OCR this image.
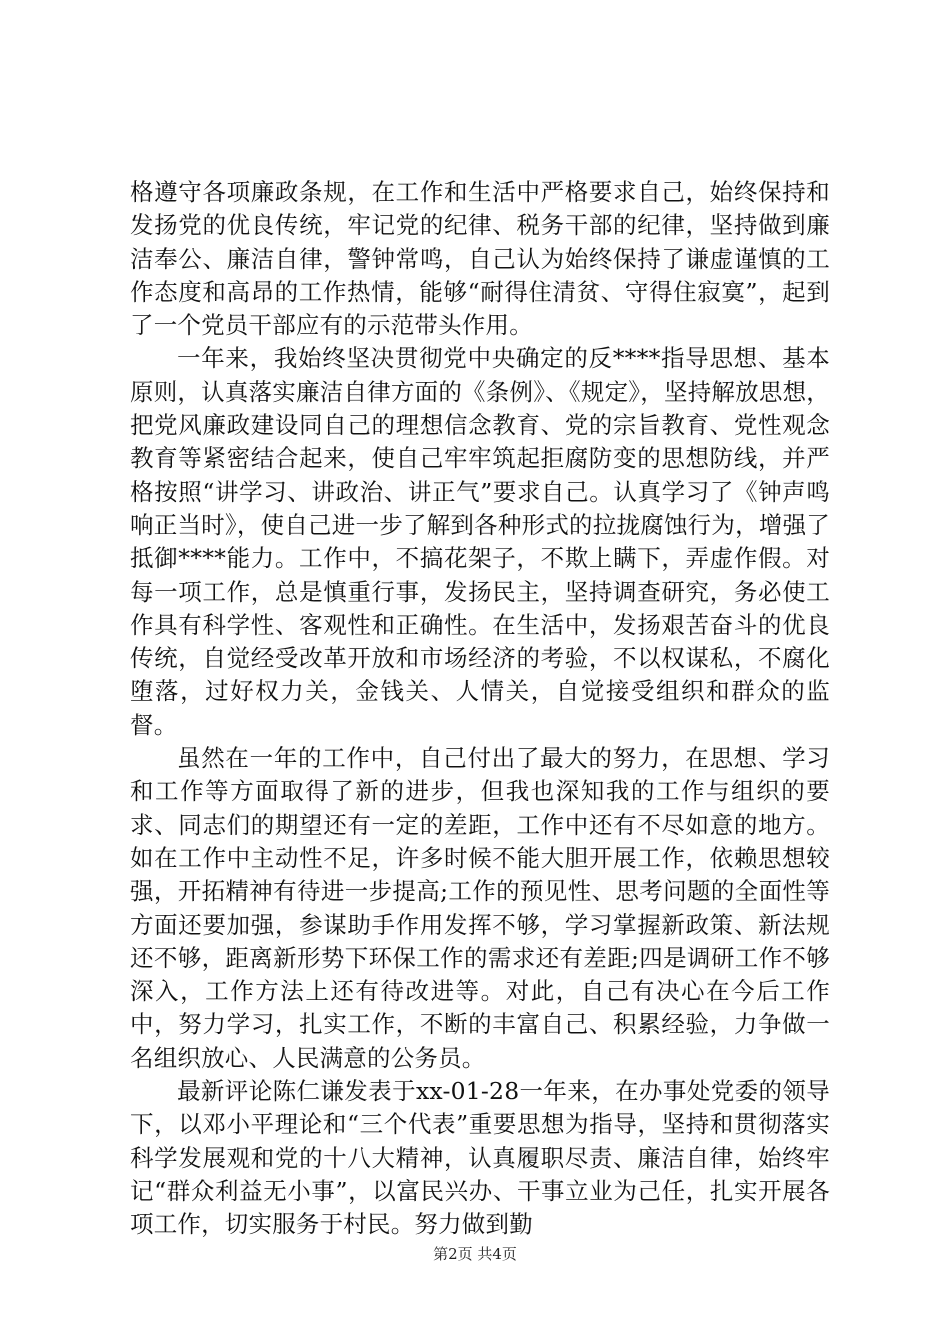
格遵守各项廉政条规，在工作和生活中严格要求自己，始终保持和发扬党的优良传统，牢记党的纪律、税务干部的纪律，坚持做到廉洁奉公、廉洁自律，警钟常鸣，自己认为始终保持了谦虚谨慎的工作态度和高昂的工作热情，能够“耐得住清贫、守得住寂寞”，起到了一个党员干部应有的示范带头作用。

一年来，我始终坚决贯彻党中央确定的反****指导思想、基本原则，认真落实廉洁自律方面的《条例》、《规定》，坚持解放思想，把党风廉政建设同自己的理想信念教育、党的宗旨教育、党性观念教育等紧密结合起来，使自己牢牢筑起拒腐防变的思想防线，并严格按照“讲学习、讲政治、讲正气”要求自己。认真学习了《钟声鸣响正当时》，使自己进一步了解到各种形式的拉拢腐蚀行为，增强了抵御****能力。工作中，不搞花架子，不欺上瞒下，弄虚作假。对每一项工作，总是慎重行事，发扬民主，坚持调查研究，务必使工作具有科学性、客观性和正确性。在生活中，发扬艰苦奋斗的优良传统，自觉经受改革开放和市场经济的考验，不以权谋私，不腐化堕落，过好权力关，金钱关、人情关，自觉接受组织和群众的监督。

虽然在一年的工作中，自己付出了最大的努力，在思想、学习和工作等方面取得了新的进步，但我也深知我的工作与组织的要求、同志们的期望还有一定的差距，工作中还有不尽如意的地方。如在工作中主动性不足，许多时候不能大胆开展工作，依赖思想较强，开拓精神有待进一步提高;工作的预见性、思考问题的全面性等方面还要加强，参谋助手作用发挥不够，学习掌握新政策、新法规还不够，距离新形势下环保工作的需求还有差距;四是调研工作不够深入，工作方法上还有待改进等。对此，自己有决心在今后工作中，努力学习，扎实工作，不断的丰富自己、积累经验，力争做一名组织放心、人民满意的公务员。

最新评论陈仁谦发表于xx-01-28一年来，在办事处党委的领导下，以邓小平理论和“三个代表”重要思想为指导，坚持和贯彻落实科学发展观和党的十八大精神，认真履职尽责、廉洁自律，始终牢记“群众利益无小事”，以富民兴办、干事立业为己任，扎实开展各项工作，切实服务于村民。努力做到勤

第2页 共4页
